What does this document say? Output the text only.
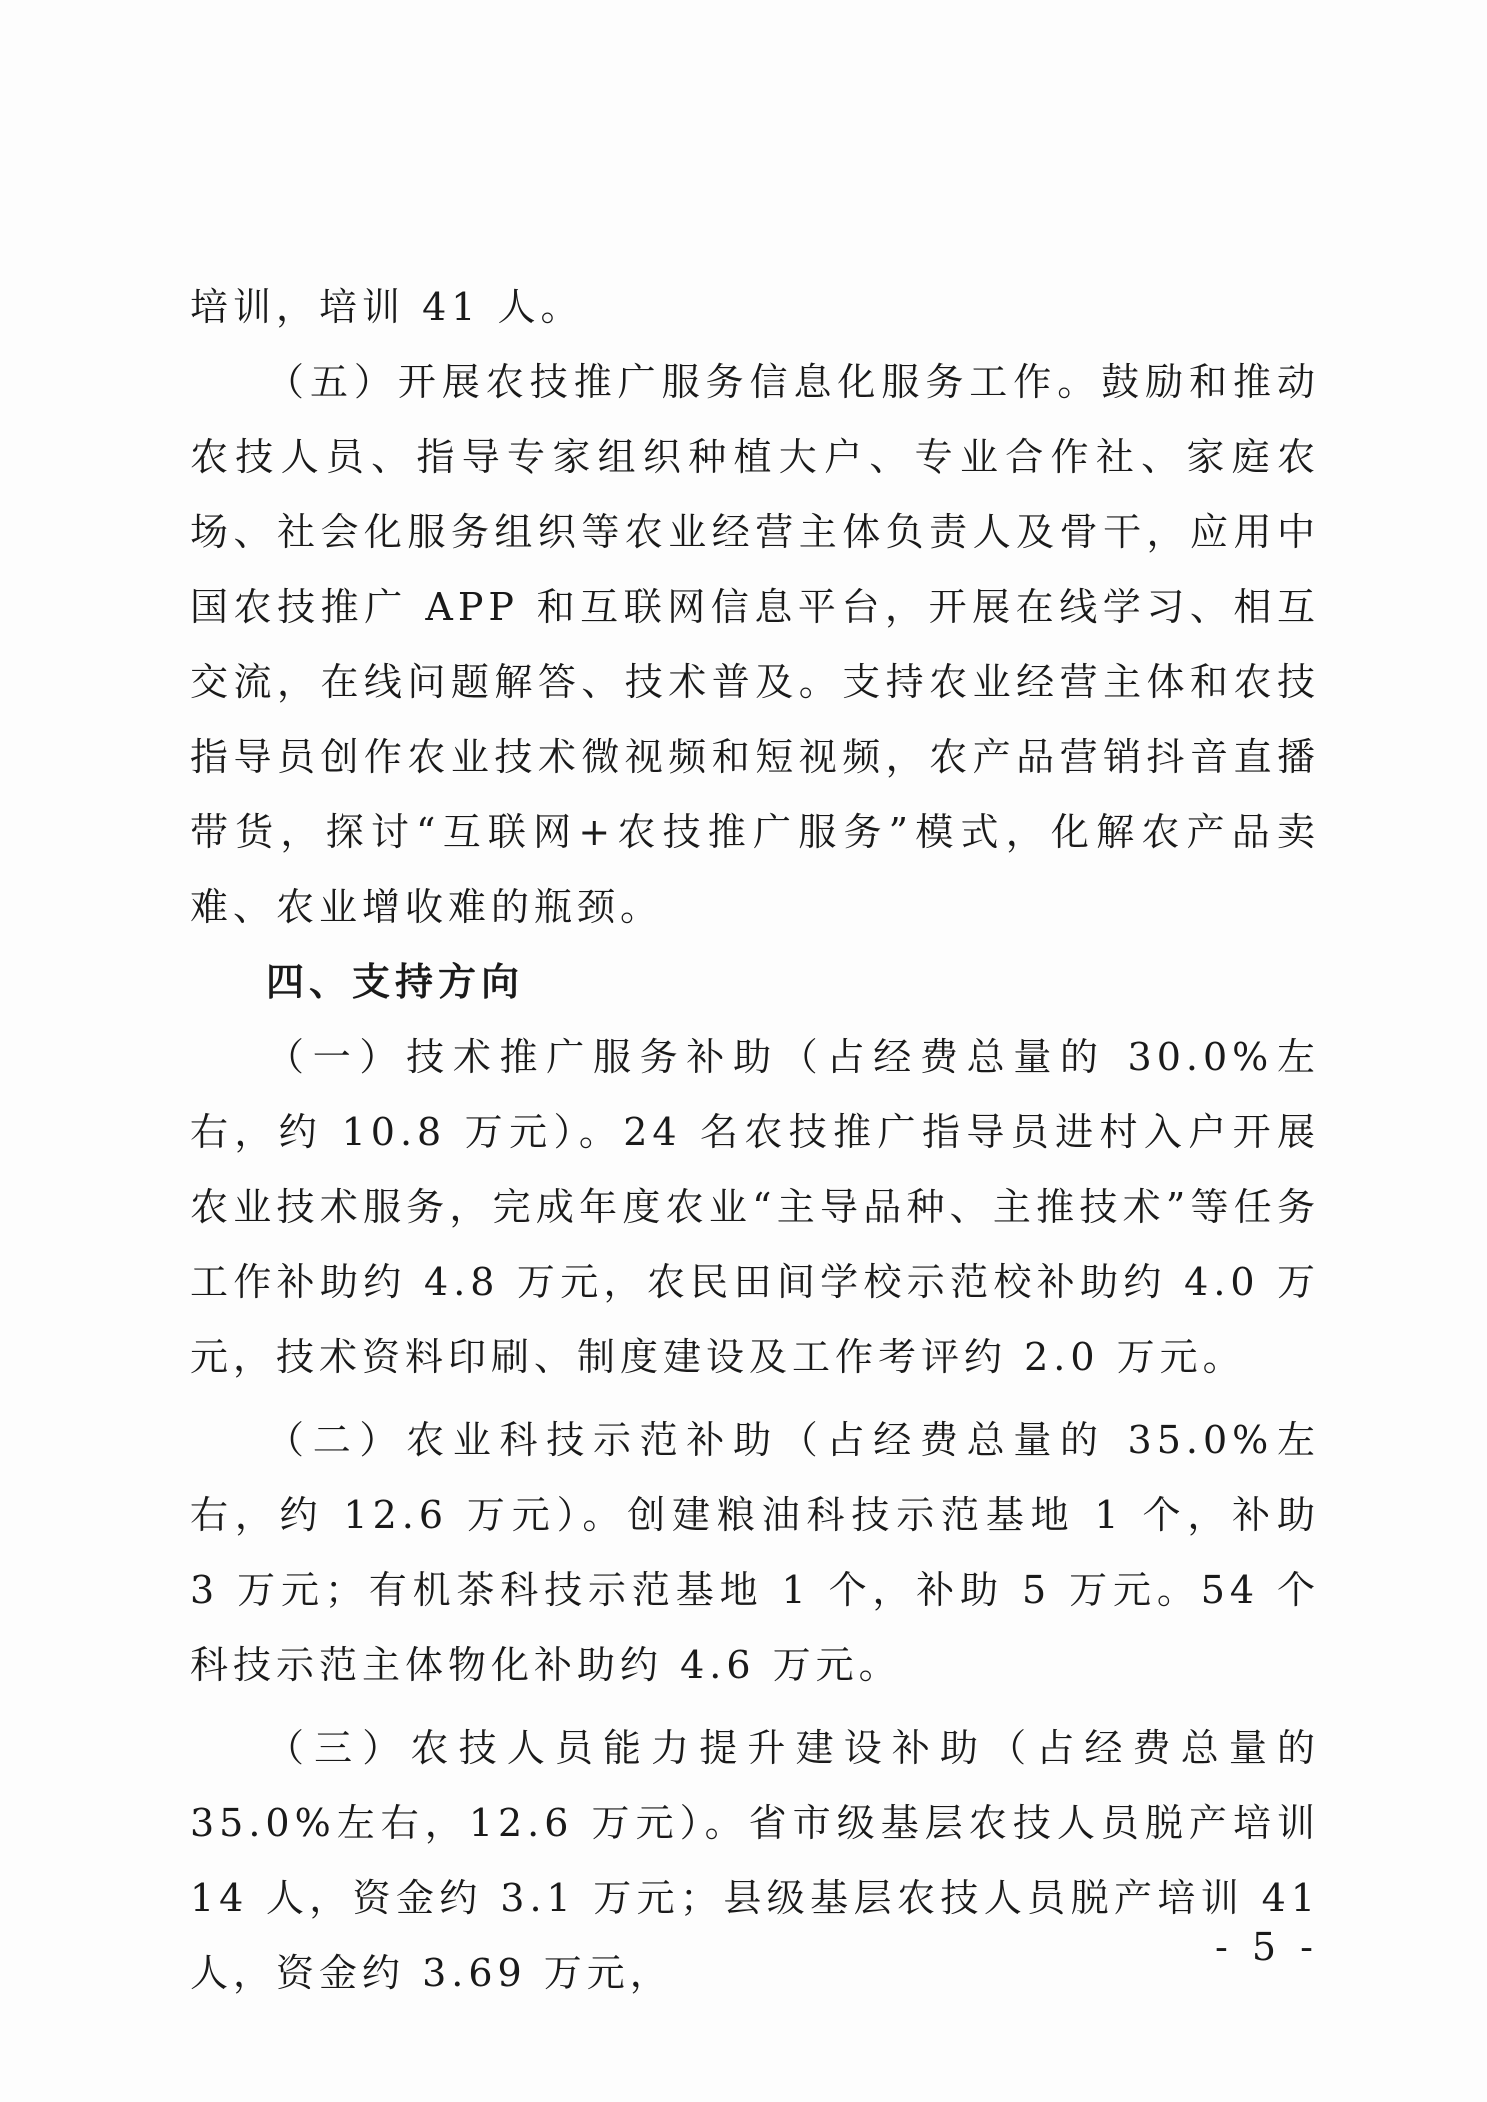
培训，培训 41 人。

（五）开展农技推广服务信息化服务工作。鼓励和推动农技人员、指导专家组织种植大户、专业合作社、家庭农场、社会化服务组织等农业经营主体负责人及骨干，应用中国农技推广 APP 和互联网信息平台，开展在线学习、相互交流，在线问题解答、技术普及。支持农业经营主体和农技指导员创作农业技术微视频和短视频，农产品营销抖音直播带货，探讨“互联网+农技推广服务”模式，化解农产品卖难、农业增收难的瓶颈。

四、支持方向

（一）技术推广服务补助（占经费总量的 30.0%左右，约 10.8 万元）。24 名农技推广指导员进村入户开展农业技术服务，完成年度农业“主导品种、主推技术”等任务工作补助约 4.8 万元，农民田间学校示范校补助约 4.0 万元，技术资料印刷、制度建设及工作考评约 2.0 万元。

（二）农业科技示范补助（占经费总量的 35.0%左右，约 12.6 万元）。创建粮油科技示范基地 1 个，补助 3 万元；有机茶科技示范基地 1 个，补助 5 万元。54 个科技示范主体物化补助约 4.6 万元。

（三）农技人员能力提升建设补助（占经费总量的 35.0%左右，12.6 万元）。省市级基层农技人员脱产培训 14 人，资金约 3.1 万元；县级基层农技人员脱产培训 41 人，资金约 3.69 万元，

- 5 -
